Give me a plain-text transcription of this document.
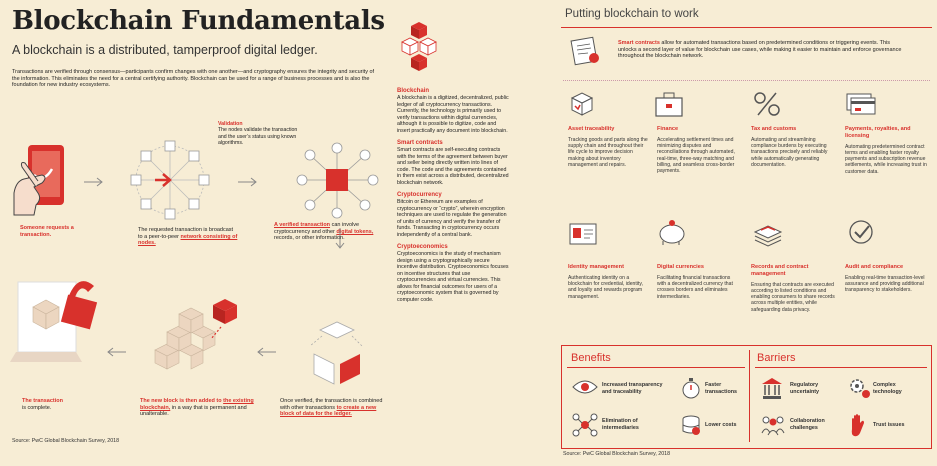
Blockchain Fundamentals
A blockchain is a distributed, tamperproof digital ledger.
Transactions are verified through consensus—participants confirm changes with one another—and cryptography ensures the integrity and security of the information. This eliminates the need for a central certifying authority. Blockchain can be used for a range of business processes and is also the foundation for new industry ecosystems.
Someone requests a transaction.
The requested transaction is broadcast to a peer-to-peer network consisting of nodes.
Validation
The nodes validate the transaction and the user’s status using known algorithms.
A verified transaction can involve cryptocurrency and other digital tokens, records, or other information.
The transaction
is complete.
The new block is then added to the existing blockchain, in a way that is permanent and unalterable.
Once verified, the transaction is combined with other transactions to create a new block of data for the ledger.
Source: PwC Global Blockchain Survey, 2018
Blockchain

A blockchain is a digitized, decentralized, public ledger of all cryptocurrency transactions. Currently, the technology is primarily used to verify transactions within digital currencies, although it is possible to digitize, code and insert practically any document into blockchain.

Smart contracts

Smart contracts are self-executing contracts with the terms of the agreement between buyer and seller being directly written into lines of code. The code and the agreements contained in them exist across a distributed, decentralized blockchain network.

Cryptocurrency

Bitcoin or Ethereum are examples of cryptocurrency or “crypto”, wherein encryption techniques are used to regulate the generation of units of currency and verify the transfer of funds. Transacting in cryptocurrency occurs independently of a central bank.

Cryptoeconomics

Cryptoeconomics is the study of mechanism design using a cryptographically secure incentive distribution. Cryptoeconomics focuses on incentive structures that use cryptocurrencies and virtual currencies. This allows for financial outcomes for users of a cryptoeconomic system that is governed by computer code.

Putting blockchain to work
Smart contracts allow for automated transactions based on predetermined conditions or triggering events. This unlocks a second layer of value for blockchain use cases, while making it easier to maintain and enforce governance throughout the blockchain network.
Asset traceability

Tracking goods and parts along the supply chain and throughout their life cycle to improve decision making about inventory management and repairs.

Finance

Accelerating settlement times and minimizing disputes and reconciliations through automated, real-time, three-way matching and billing, and seamless cross-border payments.

Tax and customs

Automating and streamlining compliance burdens by executing transactions precisely and reliably while automatically generating documentation.

Payments, royalties, and licensing

Automating predetermined contract terms and enabling faster royalty payments and subscription revenue settlements, while increasing trust in customer data.

Identity management

Authenticating identity on a blockchain for credential, identity, and loyalty and rewards program management.

Digital currencies

Facilitating financial transactions with a decentralized currency that crosses borders and eliminates intermediaries.

Records and contract management

Ensuring that contracts are executed according to listed conditions and enabling consumers to share records across multiple entities, while safeguarding data privacy.

Audit and compliance

Enabling real-time transaction-level assurance and providing additional transparency to stakeholders.

Benefits	Barriers
Increased transparency and traceability
Faster transactions
Elimination of intermediaries	Lower costs
Regulatory uncertainty
Complex technology
Collaboration challenges	Trust issues
Source: PwC Global Blockchain Survey, 2018
